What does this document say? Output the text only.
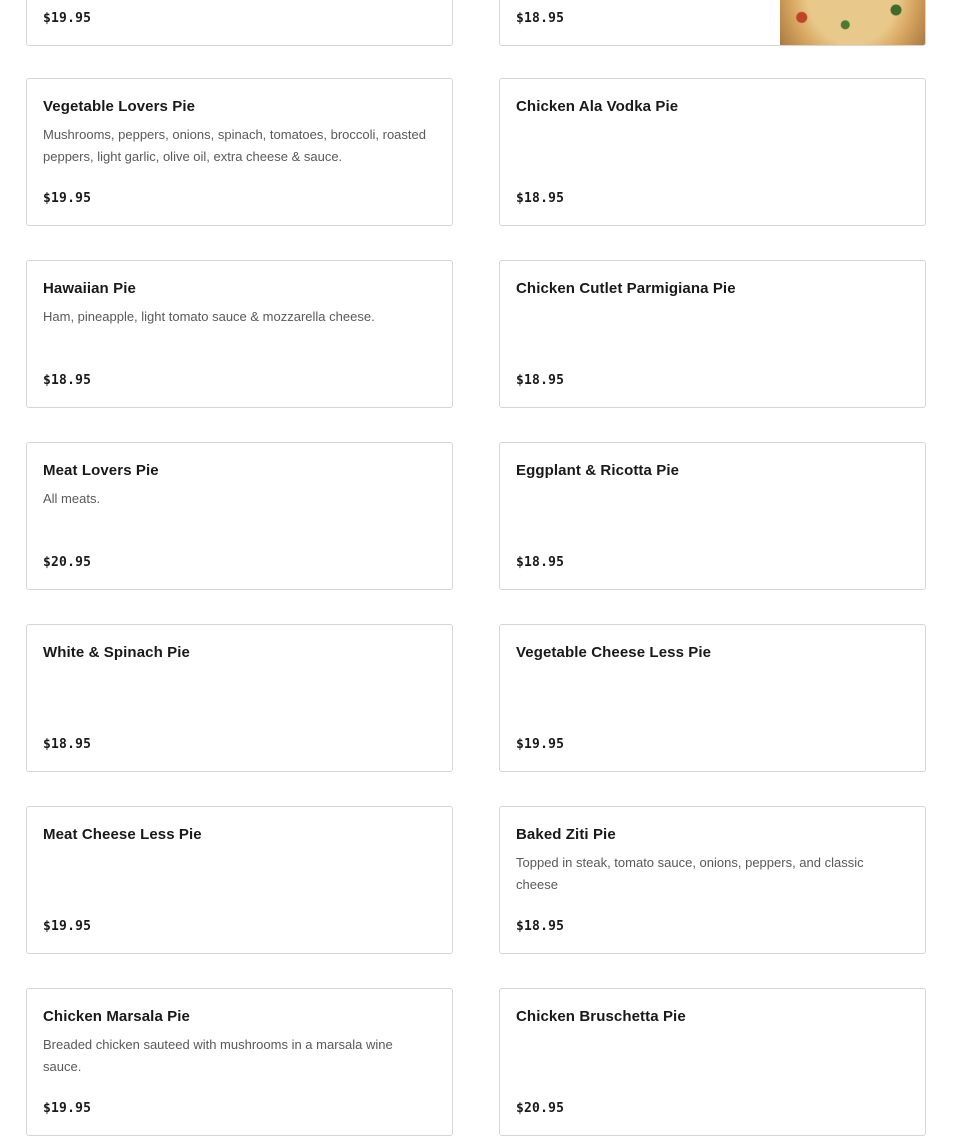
$19.95	$18.95
Vegetable Lovers Pie
Mushrooms, peppers, onions, spinach, tomatoes, broccoli, roasted peppers, light garlic, olive oil, extra cheese & sauce.
$19.95
Chicken Ala Vodka Pie
$18.95
Hawaiian Pie
Ham, pineapple, light tomato sauce & mozzarella cheese.
$18.95
Chicken Cutlet Parmigiana Pie
$18.95
Meat Lovers Pie
All meats.
$20.95
Eggplant & Ricotta Pie
$18.95
White & Spinach Pie
$18.95
Vegetable Cheese Less Pie
$19.95
Meat Cheese Less Pie
$19.95
Baked Ziti Pie
Topped in steak, tomato sauce, onions, peppers, and classic cheese
$18.95
Chicken Marsala Pie
Breaded chicken sauteed with mushrooms in a marsala wine sauce.
$19.95
Chicken Bruschetta Pie
$20.95
